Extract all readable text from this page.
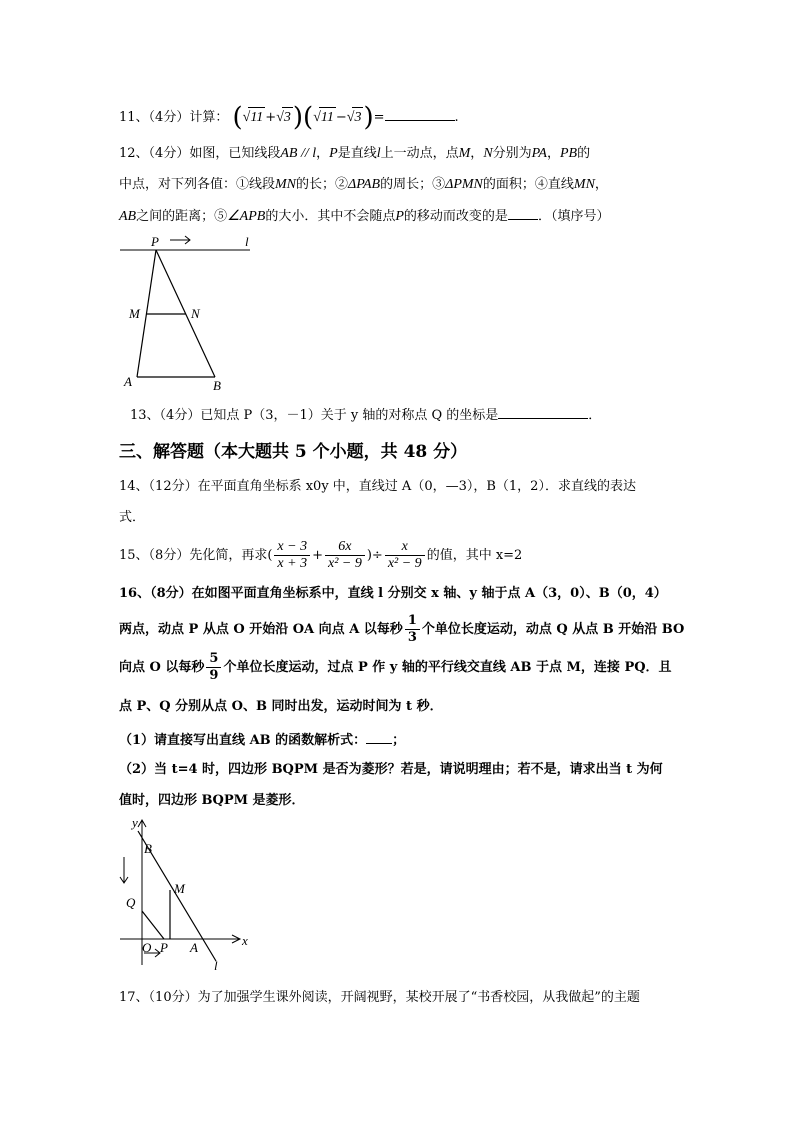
11、（4分）计算： (√11 +√3)(√11 −√3)=	.
12、（4分）如图，已知线段AB // l，P是直线l上一动点，点M，N分别为PA，PB的
中点，对下列各值：①线段MN的长；②ΔPAB的周长；③ΔPMN的面积；④直线MN，
AB之间的距离；⑤∠APB的大小．其中不会随点P的移动而改变的是 ．（填序号）
P	l
M	N
A	B
13、（4分）已知点 P（3，－1）关于 y 轴的对称点 Q 的坐标是	．
三、解答题（本大题共 5 个小题，共 48 分）
14、（12分）在平面直角坐标系 x0y 中，直线过 A（0，—3），B（1，2）．求直线的表达
式．
15、（8分）先化简，再求( $\frac{x - 3}{x + 3} + \frac{6x}{\text{x² − 9}}$ )÷ $\frac{x}{\text{x² − 9}}$ 的值，其中 x=2
16、（8分）在如图平面直角坐标系中，直线 l 分别交 x 轴、y 轴于点 A（3，0）、B（0，4）
两点，动点 P 从点 O 开始沿 OA 向点 A 以每秒 $\frac{1}{3}$ 个单位长度运动，动点 Q 从点 B 开始沿 BO
向点 O 以每秒 $\frac{5}{9}$ 个单位长度运动，过点 P 作 y 轴的平行线交直线 AB 于点 M，连接 PQ．且
点 P、Q 分别从点 O、B 同时出发，运动时间为 t 秒．
（1）请直接写出直线 AB 的函数解析式： ；
（2）当 t=4 时，四边形 BQPM 是否为菱形？若是，请说明理由；若不是，请求出当 t 为何
值时，四边形 BQPM 是菱形．
y
x
B
M
Q
O P A
l
17、（10分）为了加强学生课外阅读，开阔视野，某校开展了“书香校园，从我做起”的主题
